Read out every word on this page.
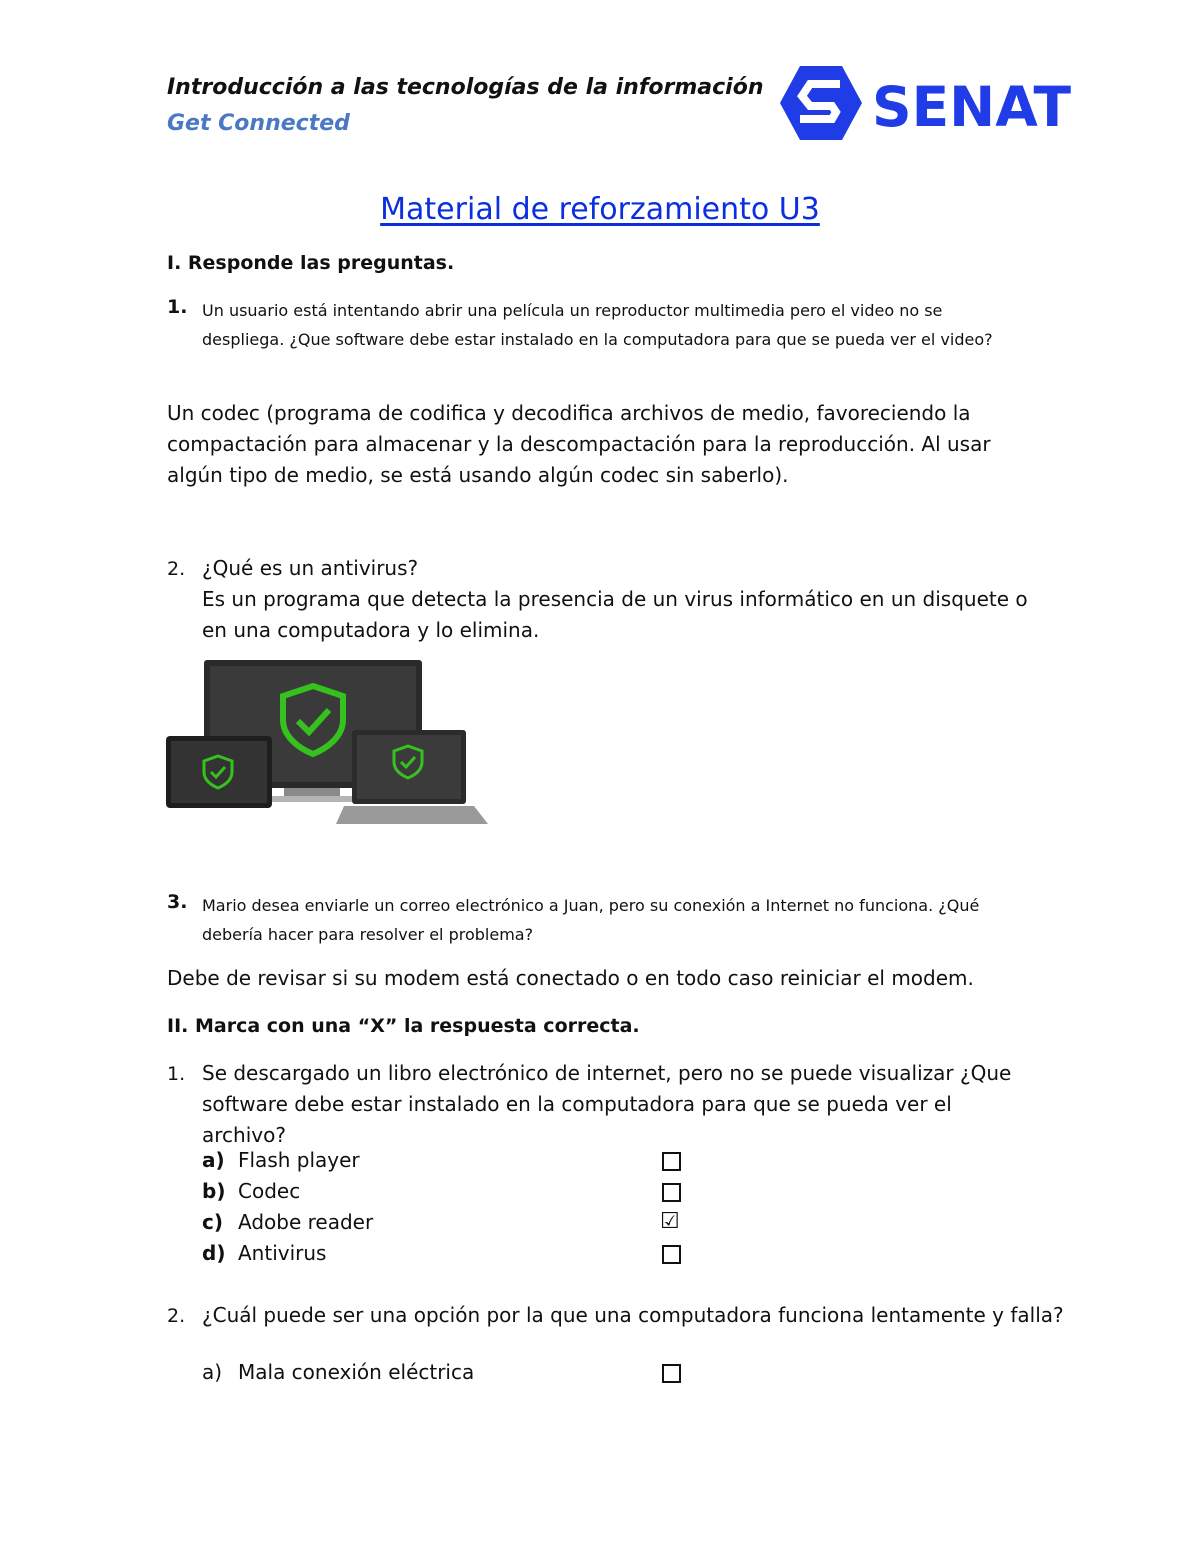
Introducción a las tecnologías de la información
Get Connected	SENATI
Material de reforzamiento U3
I. Responde las preguntas.
1. Un usuario está intentando abrir una película un reproductor multimedia pero el video no se despliega. ¿Que software debe estar instalado en la computadora para que se pueda ver el video?
Un codec (programa de codifica y decodifica archivos de medio, favoreciendo la compactación para almacenar y la descompactación para la reproducción. Al usar algún tipo de medio, se está usando algún codec sin saberlo).
2. ¿Qué es un antivirus?
Es un programa que detecta la presencia de un virus informático en un disquete o en una computadora y lo elimina.
3. Mario desea enviarle un correo electrónico a Juan, pero su conexión a Internet no funciona. ¿Qué debería hacer para resolver el problema?
Debe de revisar si su modem está conectado o en todo caso reiniciar el modem.
II. Marca con una “X” la respuesta correcta.
1. Se descargado un libro electrónico de internet, pero no se puede visualizar ¿Que software debe estar instalado en la computadora para que se pueda ver el archivo?
a) Flash player
b) Codec
c) Adobe reader	☑
d) Antivirus
2. ¿Cuál puede ser una opción por la que una computadora funciona lentamente y falla?
a) Mala conexión eléctrica
